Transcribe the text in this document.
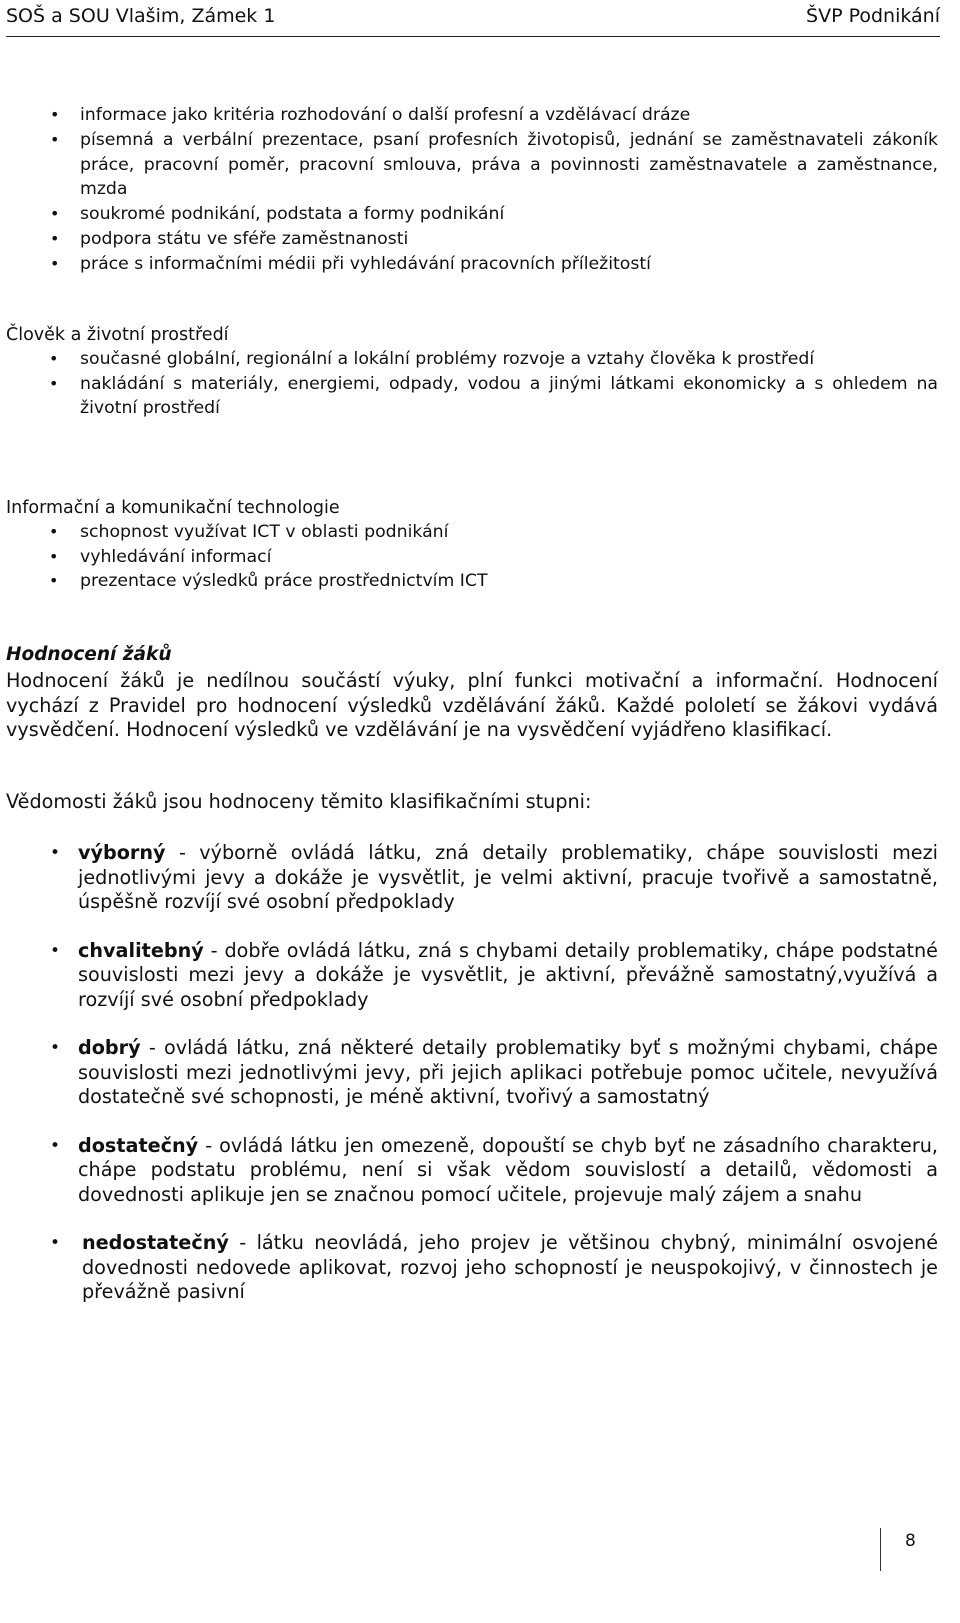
SOŠ a SOU Vlašim, Zámek 1	ŠVP Podnikání
• informace jako kritéria rozhodování o další profesní a vzdělávací dráze
• písemná a verbální prezentace, psaní profesních životopisů, jednání se zaměstnavateli zákoník práce, pracovní poměr, pracovní smlouva, práva a povinnosti zaměstnavatele a zaměstnance, mzda
• soukromé podnikání, podstata a formy podnikání
• podpora státu ve sféře zaměstnanosti
• práce s informačními médii při vyhledávání pracovních příležitostí
Člověk a životní prostředí
• současné globální, regionální a lokální problémy rozvoje a vztahy člověka k prostředí
• nakládání s materiály, energiemi, odpady, vodou a jinými látkami ekonomicky a s ohledem na životní prostředí
Informační a komunikační technologie
• schopnost využívat ICT v oblasti podnikání
• vyhledávání informací
• prezentace výsledků práce prostřednictvím ICT
Hodnocení žáků
Hodnocení žáků je nedílnou součástí výuky, plní funkci motivační a informační. Hodnocení vychází z Pravidel pro hodnocení výsledků vzdělávání žáků. Každé pololetí se žákovi vydává vysvědčení. Hodnocení výsledků ve vzdělávání je na vysvědčení vyjádřeno klasifikací.
Vědomosti žáků jsou hodnoceny těmito klasifikačními stupni:
• výborný - výborně ovládá látku, zná detaily problematiky, chápe souvislosti mezi jednotlivými jevy a dokáže je vysvětlit, je velmi aktivní, pracuje tvořivě a samostatně, úspěšně rozvíjí své osobní předpoklady
• chvalitebný - dobře ovládá látku, zná s chybami detaily problematiky, chápe podstatné souvislosti mezi jevy a dokáže je vysvětlit, je aktivní, převážně samostatný,využívá a rozvíjí své osobní předpoklady
• dobrý - ovládá látku, zná některé detaily problematiky byť s možnými chybami, chápe souvislosti mezi jednotlivými jevy, při jejich aplikaci potřebuje pomoc učitele, nevyužívá dostatečně své schopnosti, je méně aktivní, tvořivý a samostatný
• dostatečný - ovládá látku jen omezeně, dopouští se chyb byť ne zásadního charakteru, chápe podstatu problému, není si však vědom souvislostí a detailů, vědomosti a dovednosti aplikuje jen se značnou pomocí učitele, projevuje malý zájem a snahu
• nedostatečný - látku neovládá, jeho projev je většinou chybný, minimální osvojené dovednosti nedovede aplikovat, rozvoj jeho schopností je neuspokojivý, v činnostech je převážně pasivní
8
